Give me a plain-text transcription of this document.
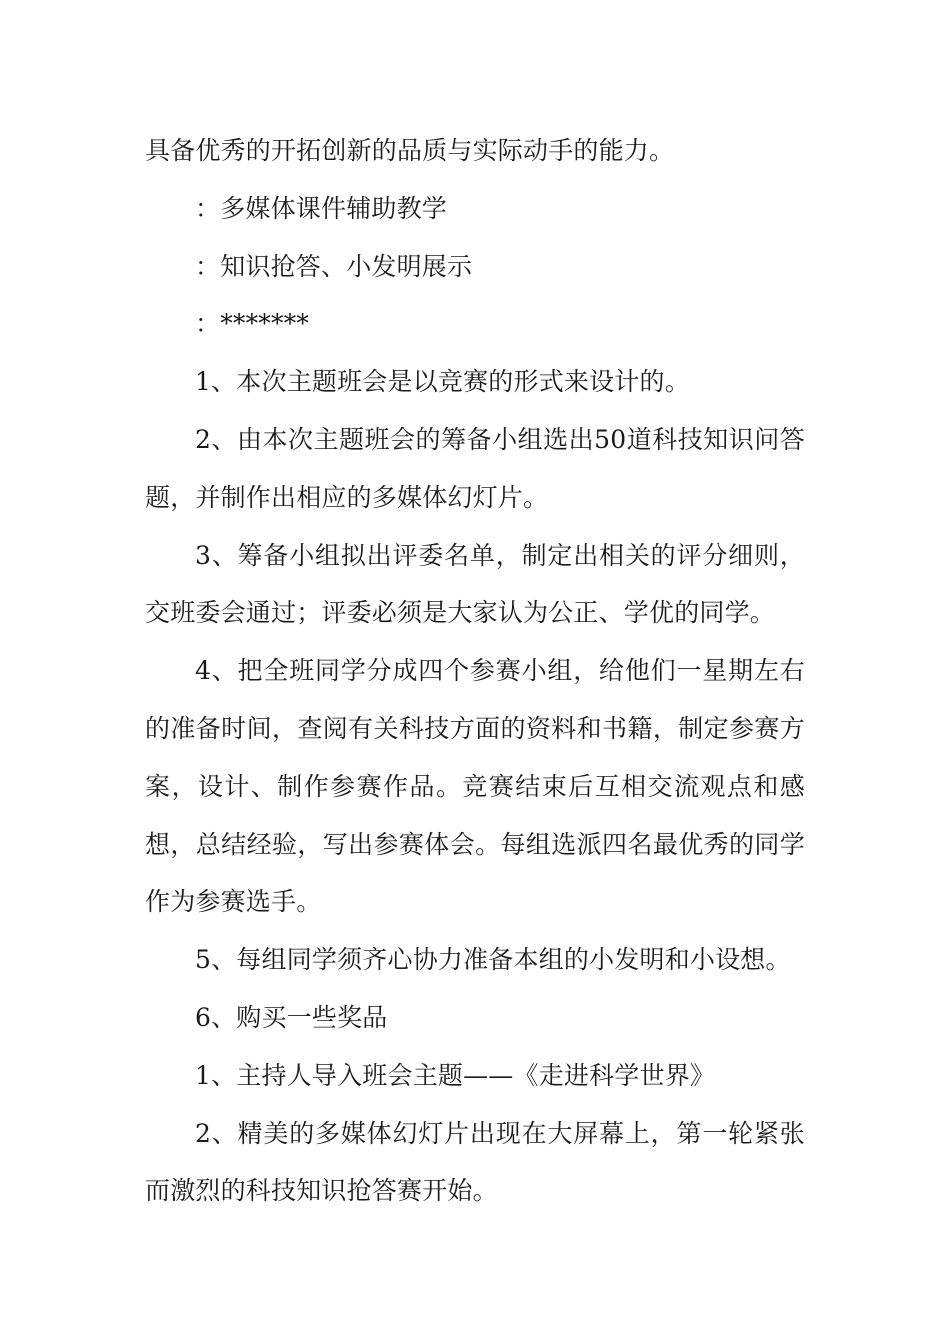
具备优秀的开拓创新的品质与实际动手的能力。

：多媒体课件辅助教学

：知识抢答、小发明展示

：*******

1、本次主题班会是以竞赛的形式来设计的。

2、由本次主题班会的筹备小组选出50道科技知识问答题，并制作出相应的多媒体幻灯片。

3、筹备小组拟出评委名单，制定出相关的评分细则，交班委会通过；评委必须是大家认为公正、学优的同学。

4、把全班同学分成四个参赛小组，给他们一星期左右的准备时间，查阅有关科技方面的资料和书籍，制定参赛方案，设计、制作参赛作品。竞赛结束后互相交流观点和感想，总结经验，写出参赛体会。每组选派四名最优秀的同学作为参赛选手。

5、每组同学须齐心协力准备本组的小发明和小设想。

6、购买一些奖品

1、主持人导入班会主题——《走进科学世界》

2、精美的多媒体幻灯片出现在大屏幕上，第一轮紧张而激烈的科技知识抢答赛开始。
